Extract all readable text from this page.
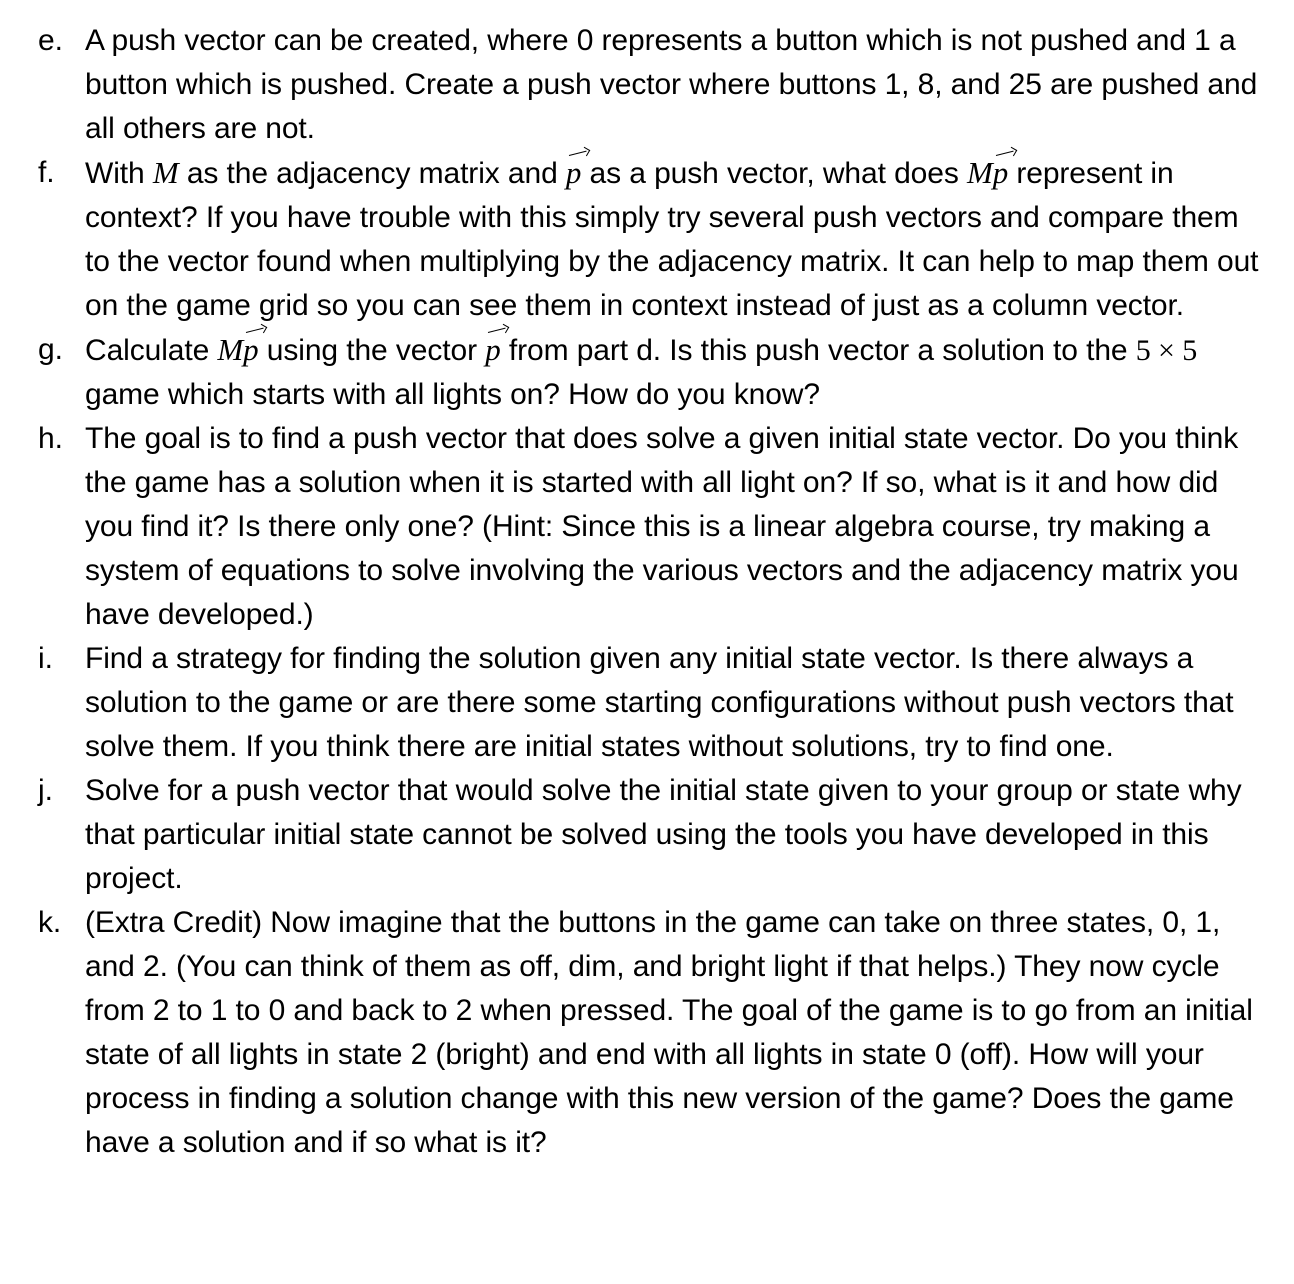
e. A push vector can be created, where 0 represents a button which is not pushed and 1 a button which is pushed. Create a push vector where buttons 1, 8, and 25 are pushed and all others are not.
f.	With M as the adjacency matrix and p as a push vector, what does Mp represent in context? If you have trouble with this simply try several push vectors and compare them to the vector found when multiplying by the adjacency matrix. It can help to map them out on the game grid so you can see them in context instead of just as a column vector.
g. Calculate Mp using the vector p from part d. Is this push vector a solution to the 5 × 5 game which starts with all lights on? How do you know?
h. The goal is to find a push vector that does solve a given initial state vector. Do you think the game has a solution when it is started with all light on? If so, what is it and how did you find it? Is there only one? (Hint: Since this is a linear algebra course, try making a system of equations to solve involving the various vectors and the adjacency matrix you have developed.)
i.	Find a strategy for finding the solution given any initial state vector. Is there always a solution to the game or are there some starting configurations without push vectors that solve them. If you think there are initial states without solutions, try to find one.
j.	Solve for a push vector that would solve the initial state given to your group or state why that particular initial state cannot be solved using the tools you have developed in this project.
k. (Extra Credit) Now imagine that the buttons in the game can take on three states, 0, 1, and 2. (You can think of them as off, dim, and bright light if that helps.) They now cycle from 2 to 1 to 0 and back to 2 when pressed. The goal of the game is to go from an initial state of all lights in state 2 (bright) and end with all lights in state 0 (off). How will your process in finding a solution change with this new version of the game? Does the game have a solution and if so what is it?
